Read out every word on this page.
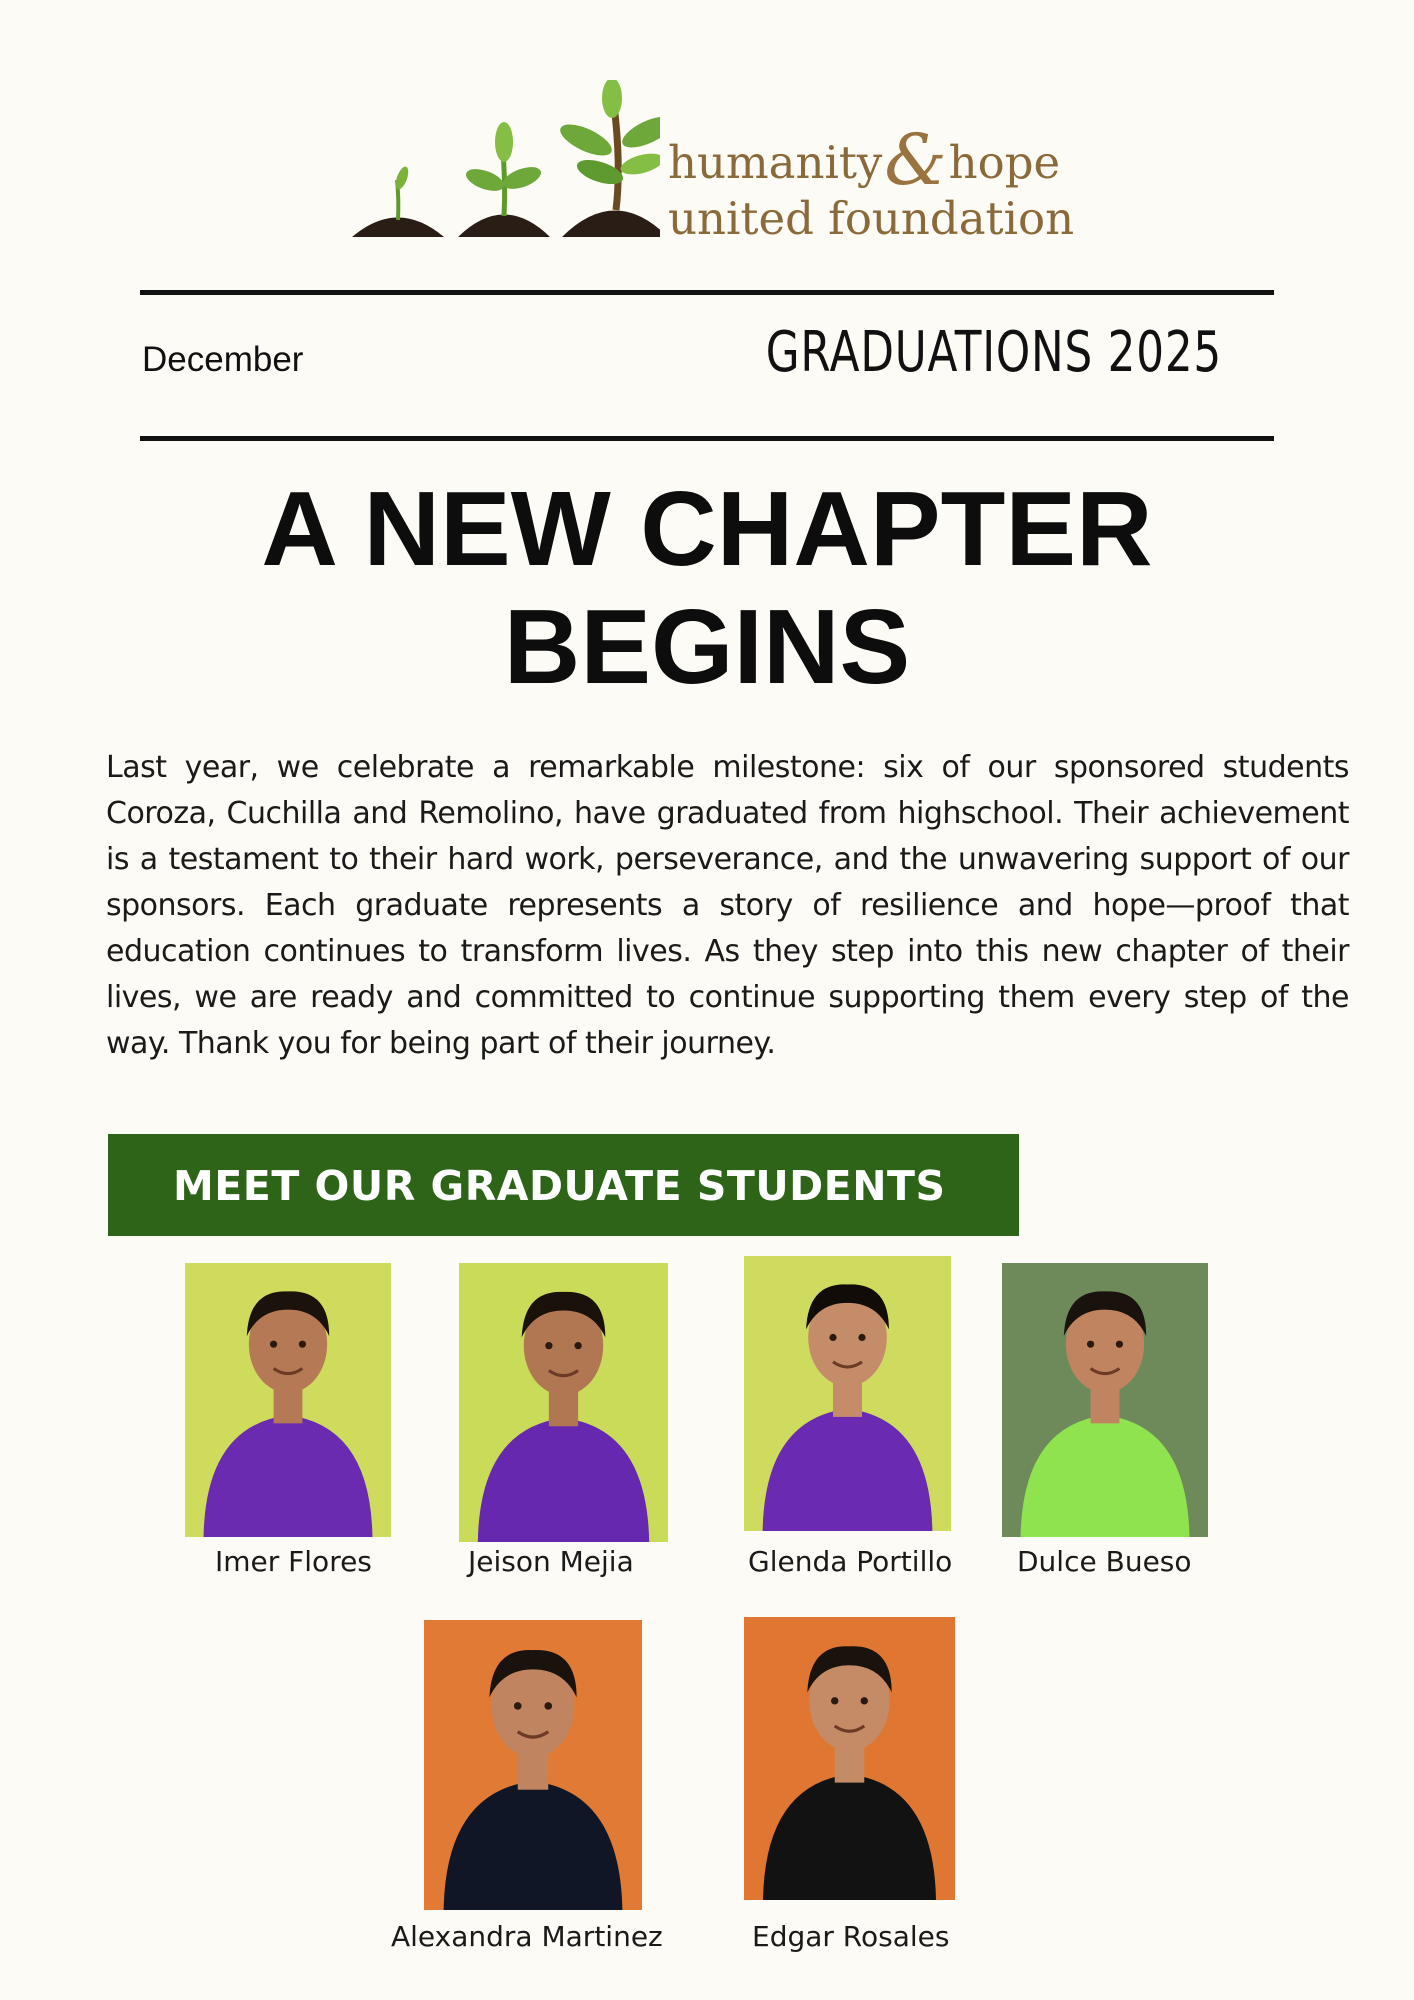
humanity&hope
united foundation
December	GRADUATIONS 2025
A NEW CHAPTER
BEGINS

Last year, we celebrate a remarkable milestone: six of our sponsored students Coroza, Cuchilla and Remolino, have graduated from highschool. Their achievement is a testament to their hard work, perseverance, and the unwavering support of our sponsors. Each graduate represents a story of resilience and hope—proof that education continues to transform lives. As they step into this new chapter of their lives, we are ready and committed to continue supporting them every step of the way. Thank you for being part of their journey.

MEET OUR GRADUATE STUDENTS
Imer Flores	Jeison Mejia	Glenda Portillo Dulce Bueso
Alexandra Martinez	Edgar Rosales
